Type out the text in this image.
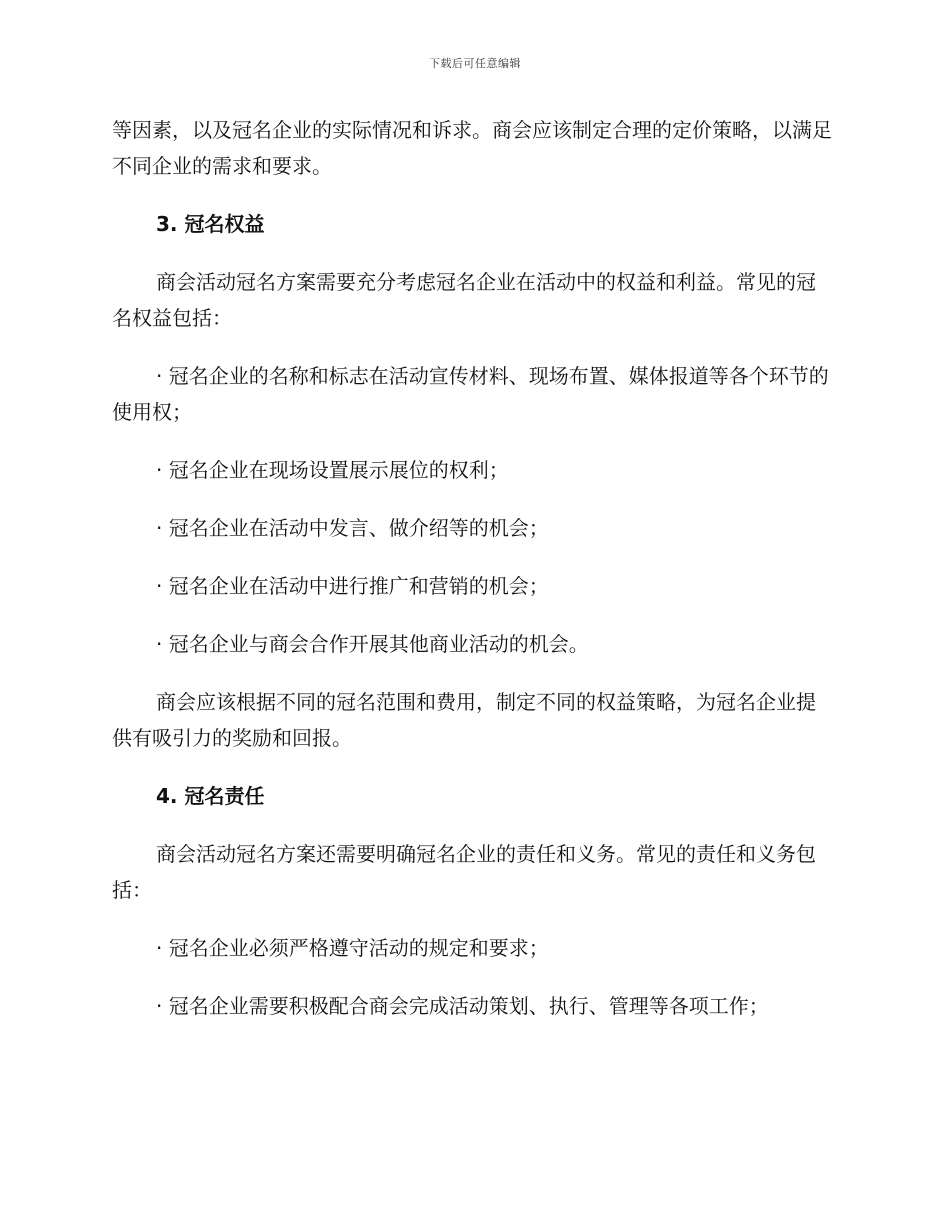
下载后可任意编辑

等因素，以及冠名企业的实际情况和诉求。商会应该制定合理的定价策略，以满足不同企业的需求和要求。

3. 冠名权益

商会活动冠名方案需要充分考虑冠名企业在活动中的权益和利益。常见的冠名权益包括：

· 冠名企业的名称和标志在活动宣传材料、现场布置、媒体报道等各个环节的使用权；

· 冠名企业在现场设置展示展位的权利；

· 冠名企业在活动中发言、做介绍等的机会；

· 冠名企业在活动中进行推广和营销的机会；

· 冠名企业与商会合作开展其他商业活动的机会。

商会应该根据不同的冠名范围和费用，制定不同的权益策略，为冠名企业提供有吸引力的奖励和回报。

4. 冠名责任

商会活动冠名方案还需要明确冠名企业的责任和义务。常见的责任和义务包括：

· 冠名企业必须严格遵守活动的规定和要求；

· 冠名企业需要积极配合商会完成活动策划、执行、管理等各项工作；
